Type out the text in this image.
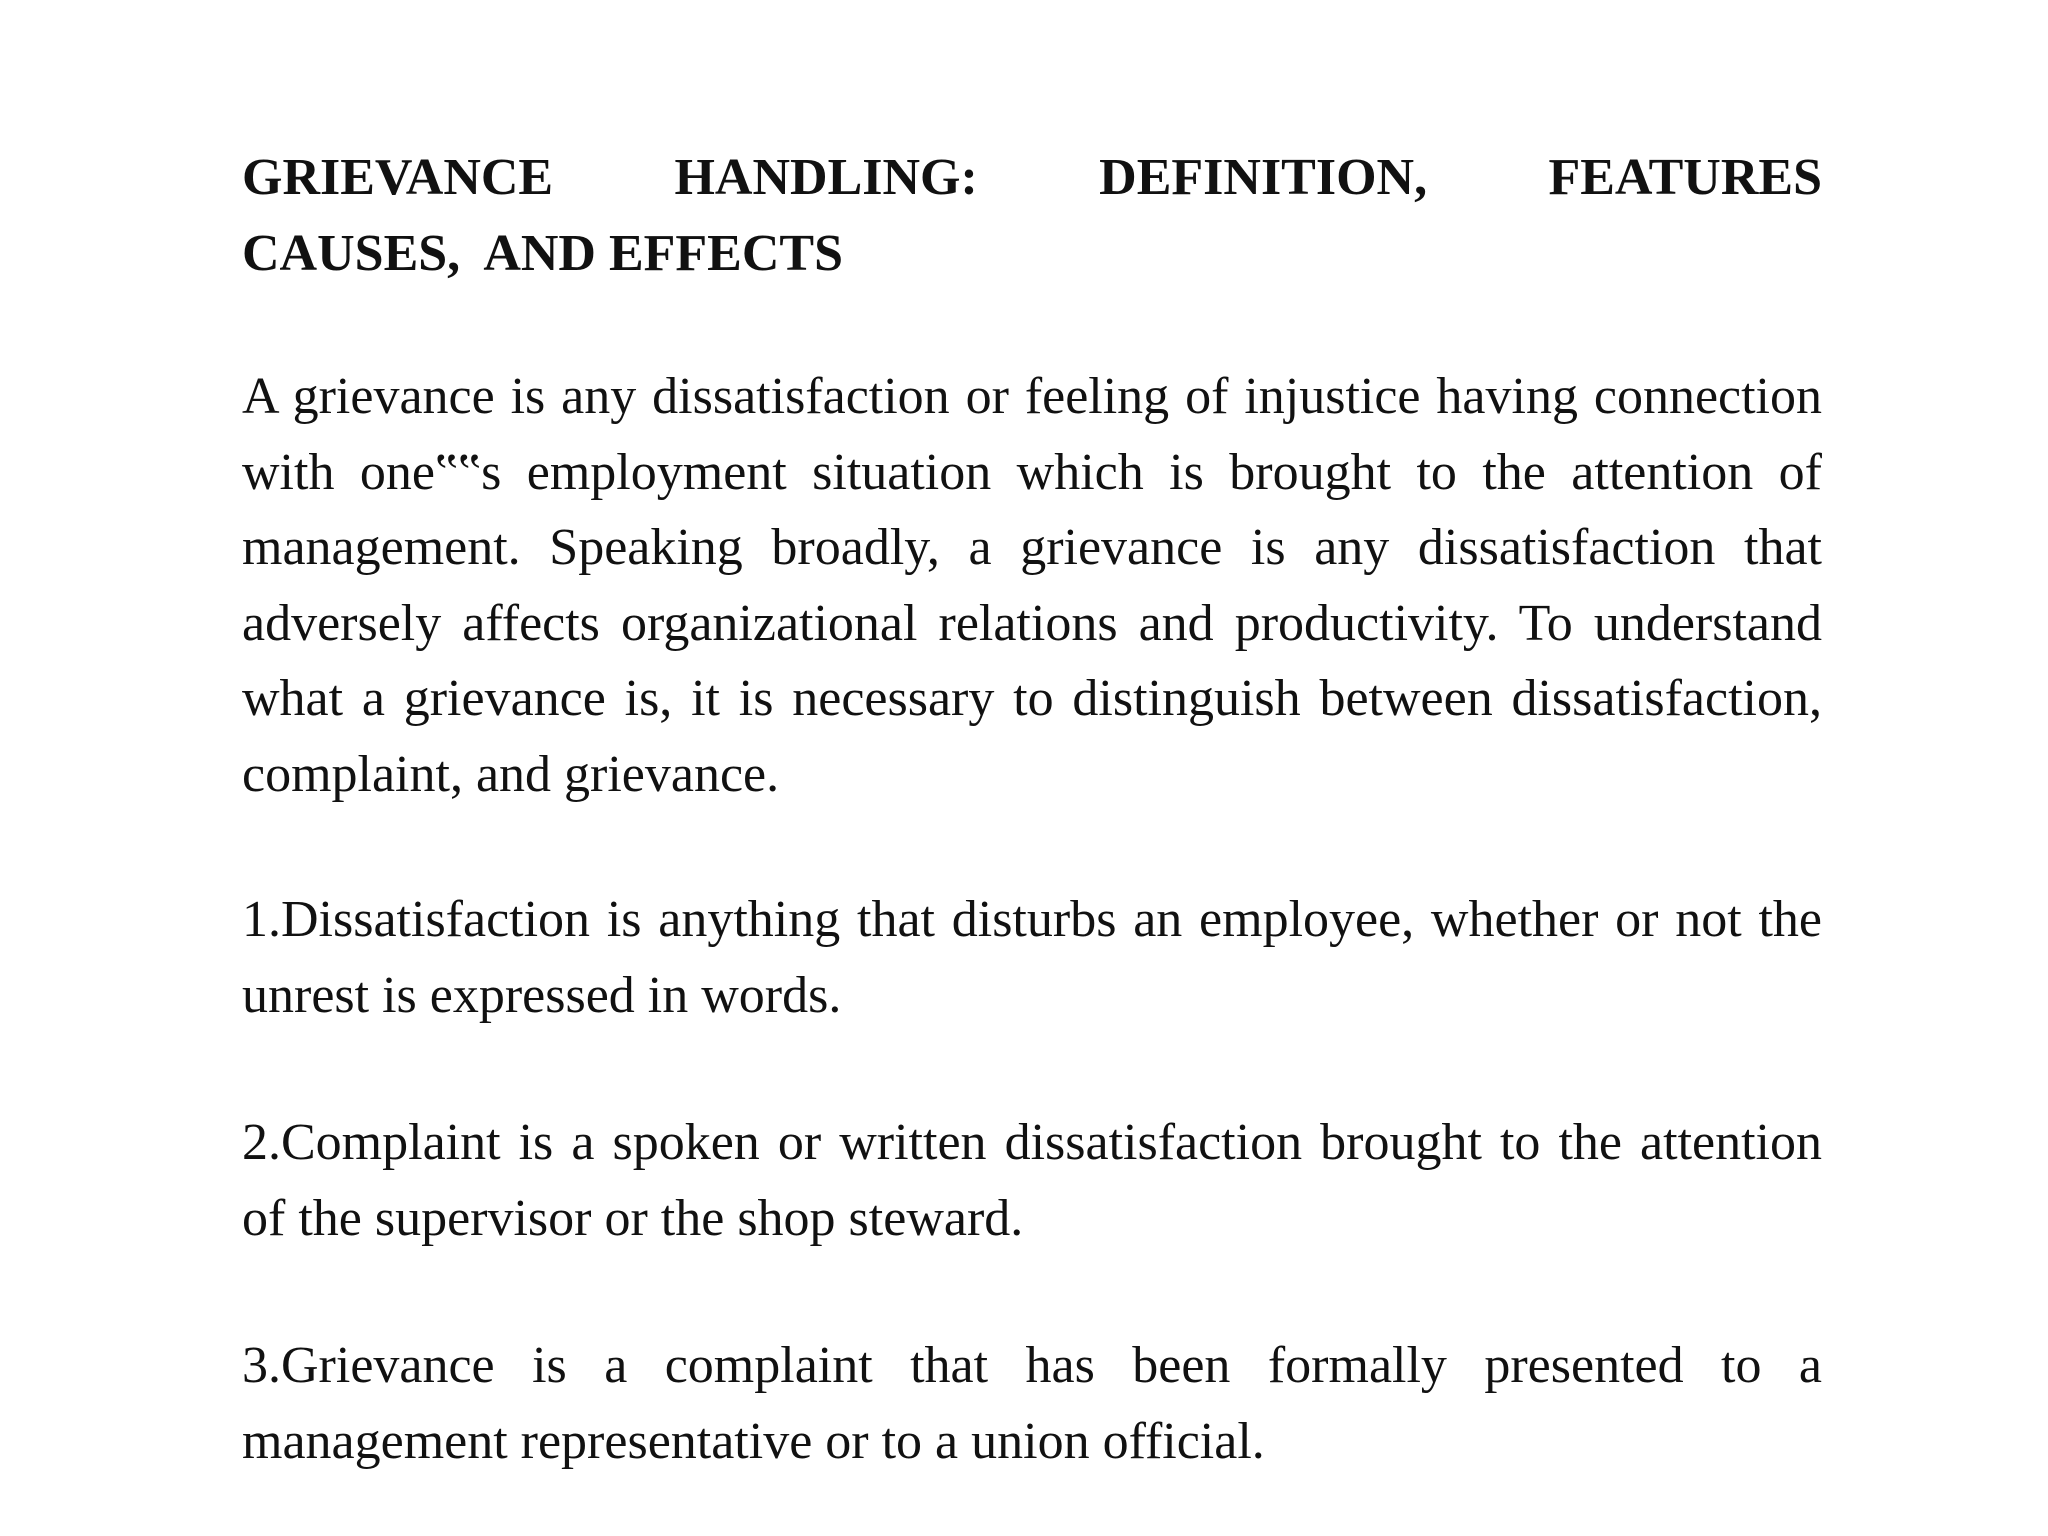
GRIEVANCE HANDLING: DEFINITION, FEATURES

CAUSES,  AND EFFECTS

A grievance is any dissatisfaction or feeling of injustice having connection with one‟‟s employment situation which is brought to the attention of management. Speaking broadly, a grievance is any dissatisfaction that adversely affects organizational relations and productivity. To understand what a grievance is, it is necessary to distinguish between dissatisfaction, complaint, and grievance.

1.Dissatisfaction is anything that disturbs an employee, whether or not the unrest is expressed in words.

2.Complaint is a spoken or written dissatisfaction brought to the attention of the supervisor or the shop steward.

3.Grievance is a complaint that has been formally presented to a management representative or to a union official.
